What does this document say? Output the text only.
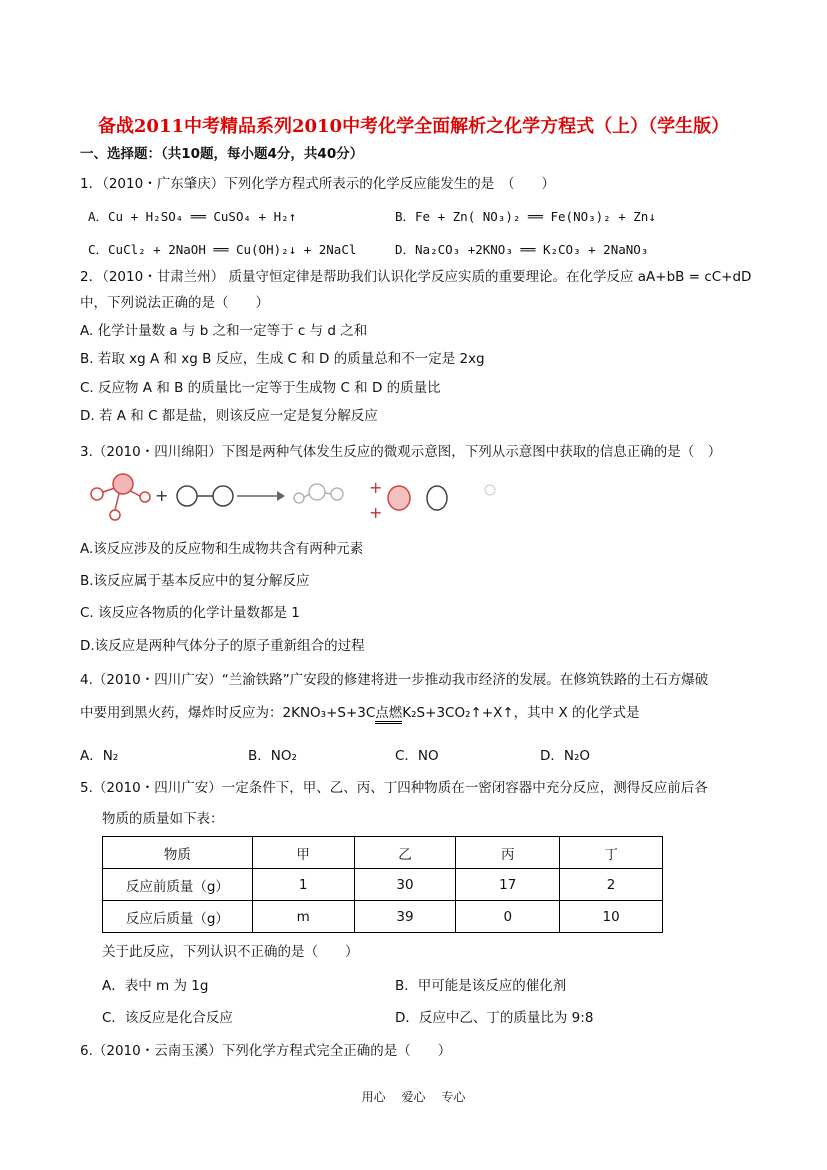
备战2011中考精品系列2010中考化学全面解析之化学方程式（上）（学生版）
一、选择题：（共10题，每小题4分，共40分）
1．（2010・广东肇庆）下列化学方程式所表示的化学反应能发生的是　（　　）
A．Cu + H₂SO₄ ══ CuSO₄ + H₂↑	B．Fe + Zn( NO₃)₂ ══ Fe(NO₃)₂ + Zn↓
C．CuCl₂ + 2NaOH ══ Cu(OH)₂↓ + 2NaCl	D．Na₂CO₃ +2KNO₃ ══ K₂CO₃ + 2NaNO₃
2．（2010・甘肃兰州） 质量守恒定律是帮助我们认识化学反应实质的重要理论。在化学反应 aA+bB = cC+dD
中，下列说法正确的是（　　）
A. 化学计量数 a 与 b 之和一定等于 c 与 d 之和
B. 若取 xg A 和 xg B 反应，生成 C 和 D 的质量总和不一定是 2xg
C. 反应物 A 和 B 的质量比一定等于生成物 C 和 D 的质量比
D. 若 A 和 C 都是盐，则该反应一定是复分解反应
3.（2010・四川绵阳）下图是两种气体发生反应的微观示意图，下列从示意图中获取的信息正确的是（　）
+	+
+
A.该反应涉及的反应物和生成物共含有两种元素
B.该反应属于基本反应中的复分解反应
C. 该反应各物质的化学计量数都是 1
D.该反应是两种气体分子的原子重新组合的过程
4.（2010・四川广安）“兰渝铁路”广安段的修建将进一步推动我市经济的发展。在修筑铁路的土石方爆破
中要用到黑火药，爆炸时反应为：2KNO₃+S+3C点燃K₂S+3CO₂↑+X↑，其中 X 的化学式是
A．N₂	B．NO₂	C．NO	D．N₂O
5.（2010・四川广安）一定条件下，甲、乙、丙、丁四种物质在一密闭容器中充分反应，测得反应前后各
物质的质量如下表：
物质	甲	乙	丙	丁
反应前质量（g）	1	30	17	2
反应后质量（g）	m	39	0	10
关于此反应，下列认识不正确的是（　　）
A．表中 m 为 1g	B．甲可能是该反应的催化剂
C．该反应是化合反应	D．反应中乙、丁的质量比为 9:8
6.（2010・云南玉溪）下列化学方程式完全正确的是（　　）
用心 爱心 专心
